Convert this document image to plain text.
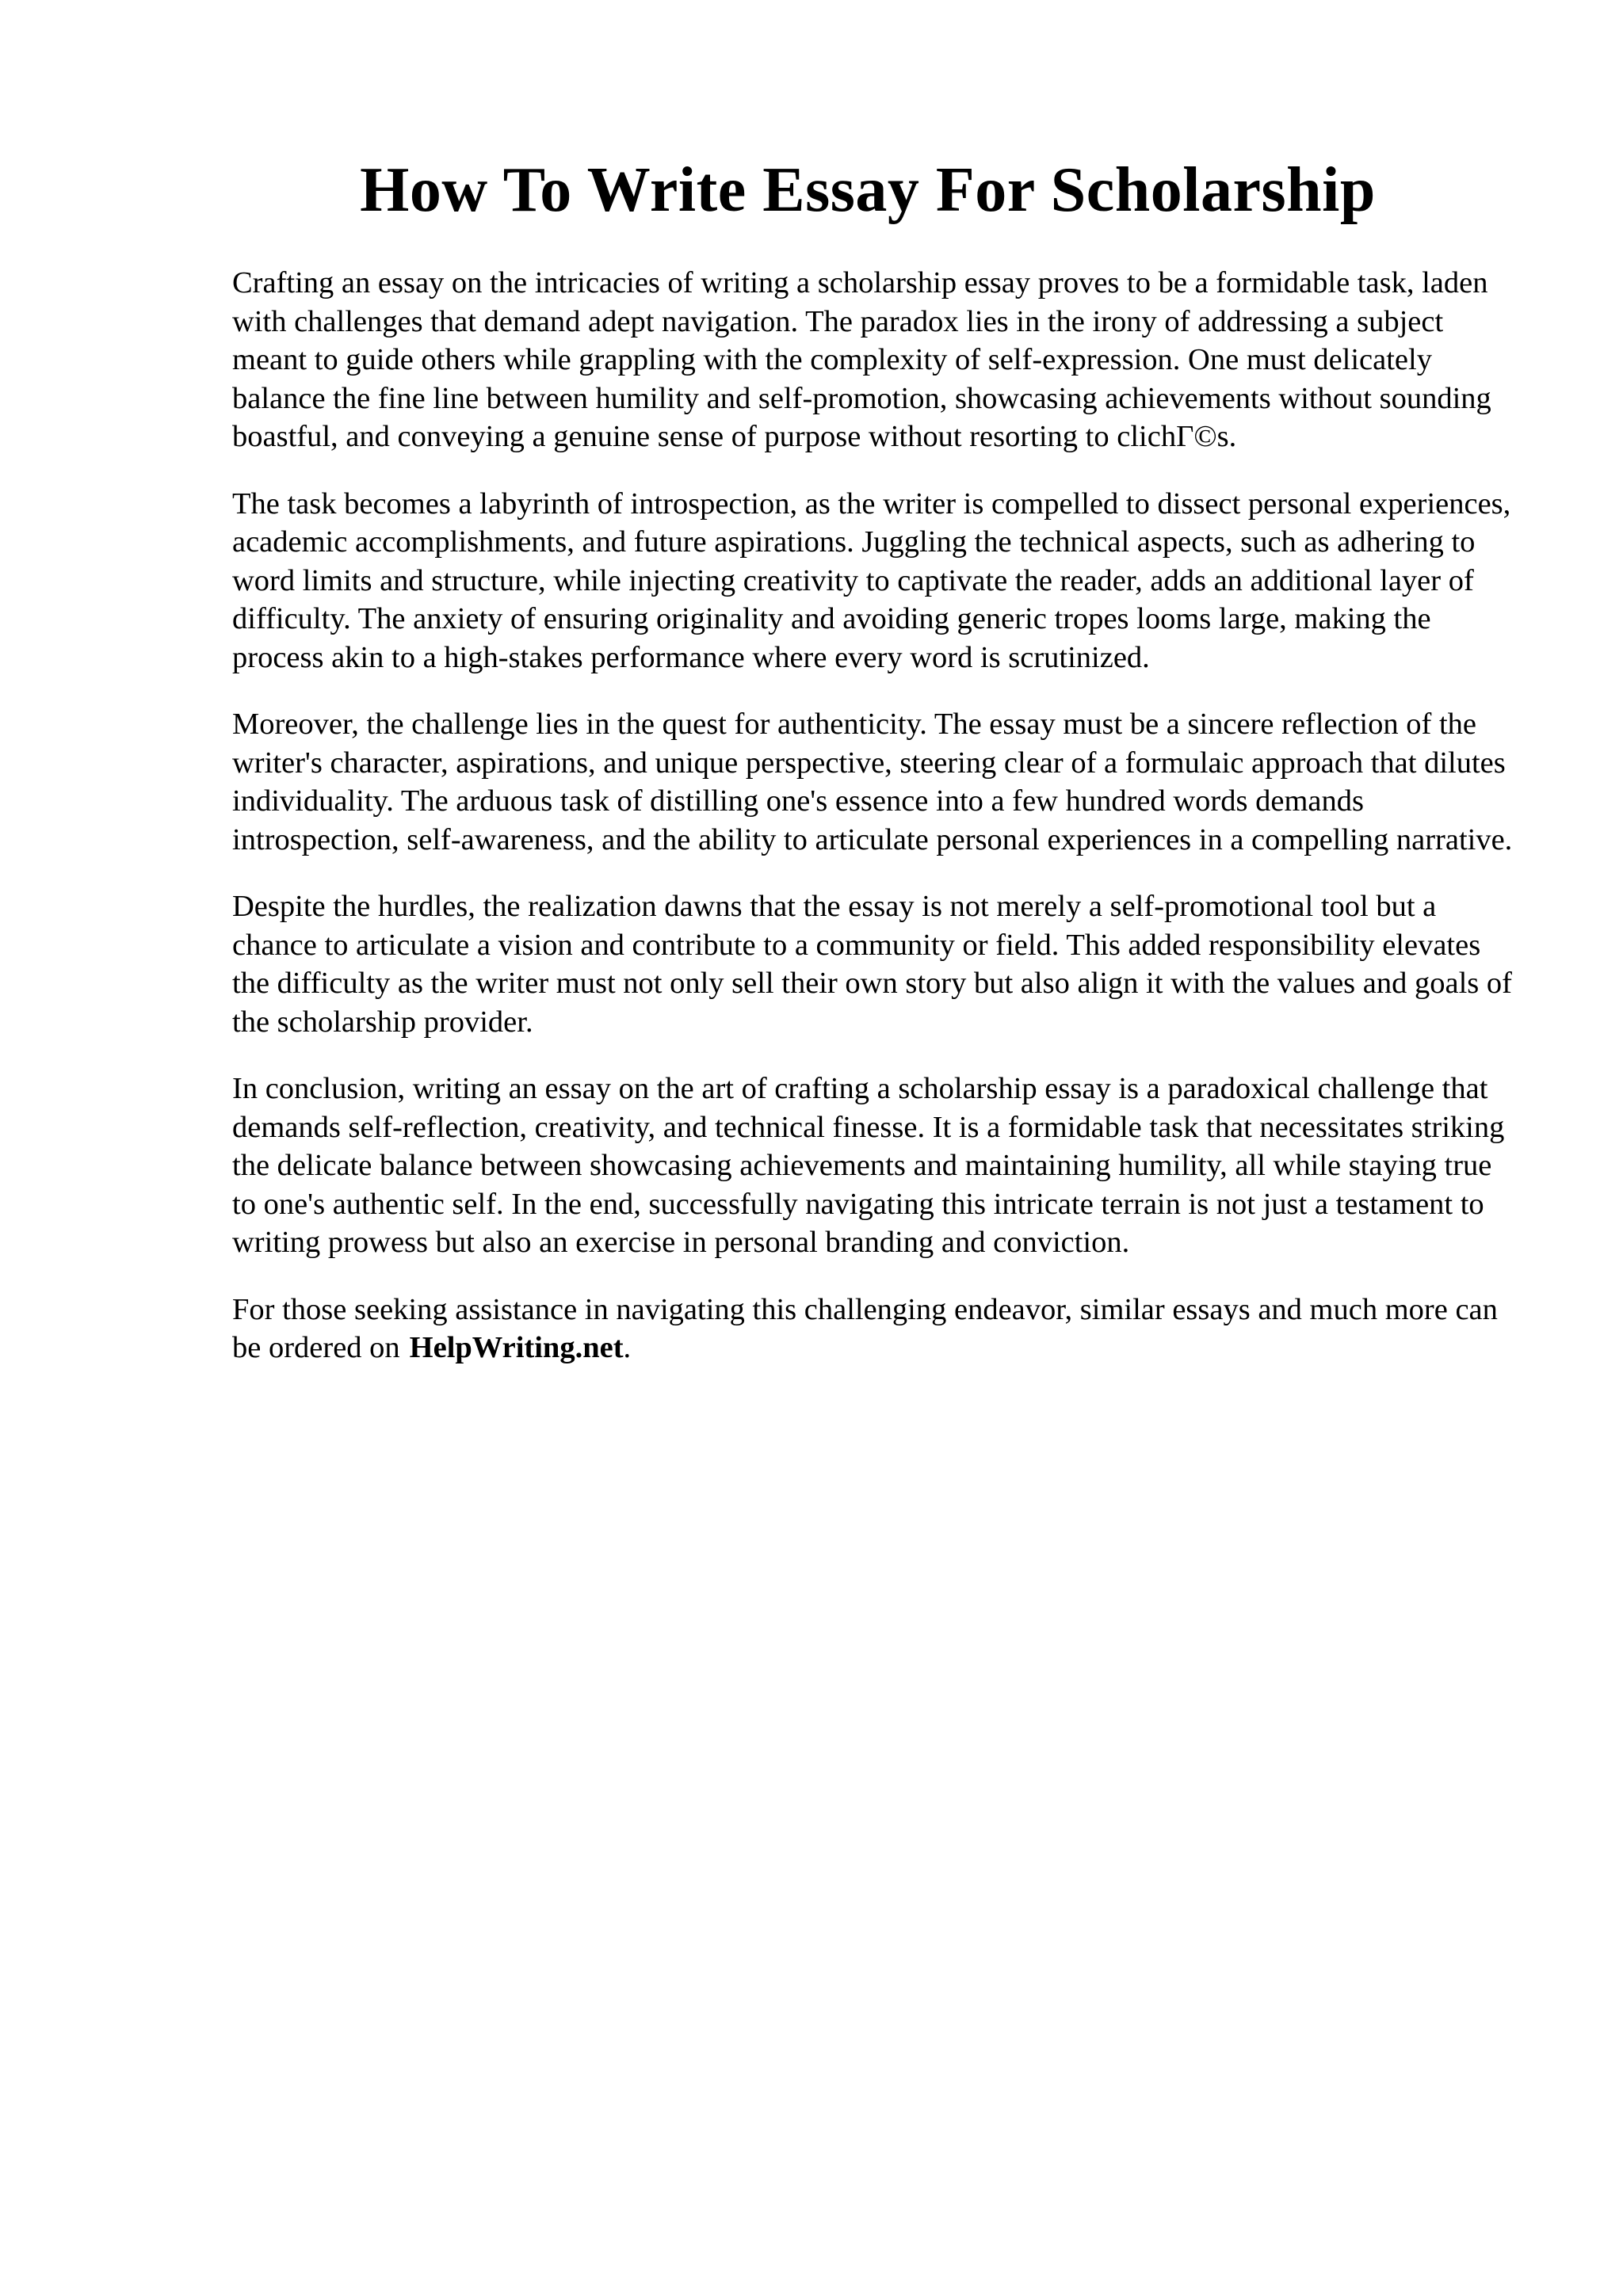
How To Write Essay For Scholarship

Crafting an essay on the intricacies of writing a scholarship essay proves to be a formidable task, laden with challenges that demand adept navigation. The paradox lies in the irony of addressing a subject meant to guide others while grappling with the complexity of self-expression. One must delicately balance the fine line between humility and self-promotion, showcasing achievements without sounding boastful, and conveying a genuine sense of purpose without resorting to clichГ©s.

The task becomes a labyrinth of introspection, as the writer is compelled to dissect personal experiences, academic accomplishments, and future aspirations. Juggling the technical aspects, such as adhering to word limits and structure, while injecting creativity to captivate the reader, adds an additional layer of difficulty. The anxiety of ensuring originality and avoiding generic tropes looms large, making the process akin to a high-stakes performance where every word is scrutinized.

Moreover, the challenge lies in the quest for authenticity. The essay must be a sincere reflection of the writer's character, aspirations, and unique perspective, steering clear of a formulaic approach that dilutes individuality. The arduous task of distilling one's essence into a few hundred words demands introspection, self-awareness, and the ability to articulate personal experiences in a compelling narrative.

Despite the hurdles, the realization dawns that the essay is not merely a self-promotional tool but a chance to articulate a vision and contribute to a community or field. This added responsibility elevates the difficulty as the writer must not only sell their own story but also align it with the values and goals of the scholarship provider.

In conclusion, writing an essay on the art of crafting a scholarship essay is a paradoxical challenge that demands self-reflection, creativity, and technical finesse. It is a formidable task that necessitates striking the delicate balance between showcasing achievements and maintaining humility, all while staying true to one's authentic self. In the end, successfully navigating this intricate terrain is not just a testament to writing prowess but also an exercise in personal branding and conviction.

For those seeking assistance in navigating this challenging endeavor, similar essays and much more can be ordered on HelpWriting.net.
